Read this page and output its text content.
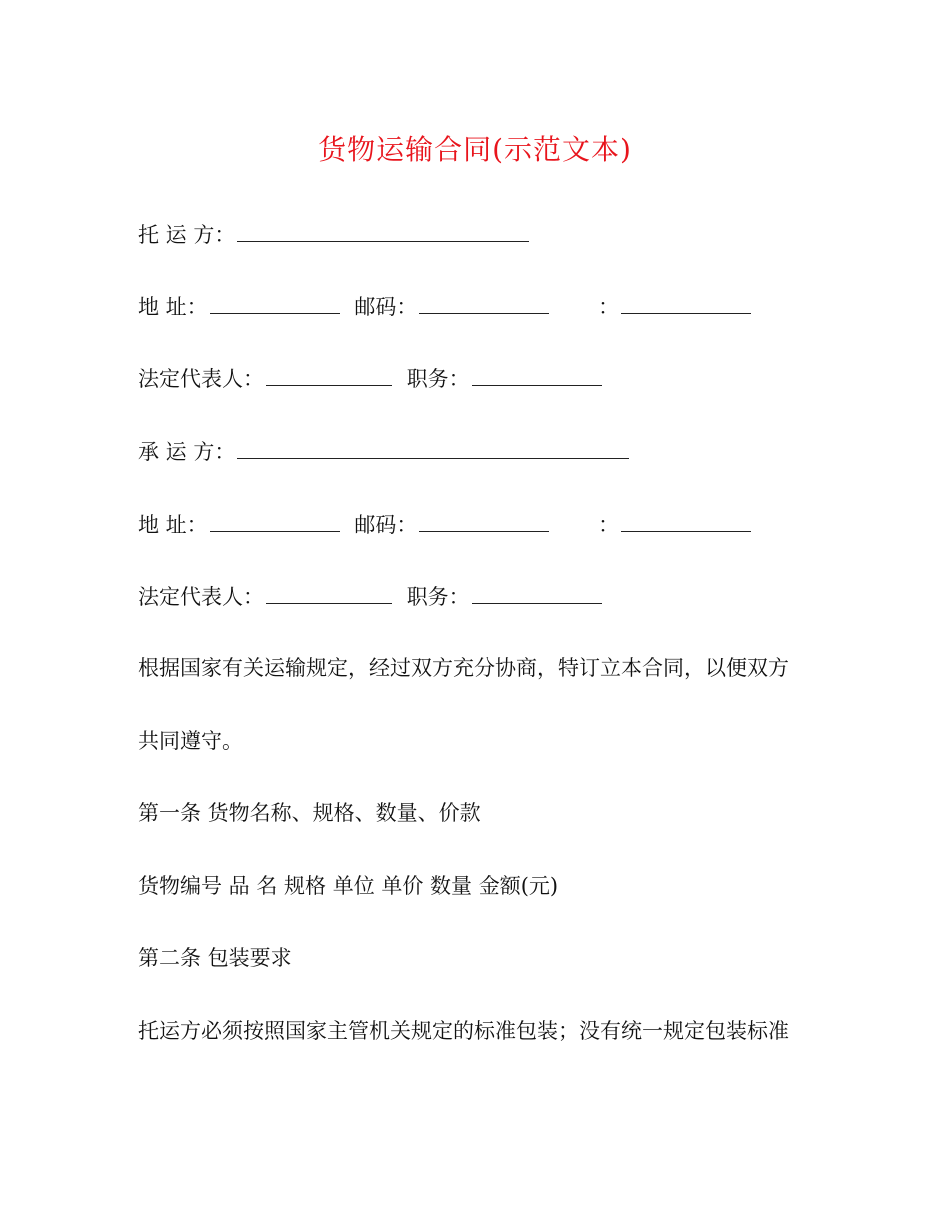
货物运输合同(示范文本)
托 运 方：
地 址：	邮码：	：
法定代表人：	职务：
承 运 方：
地 址：	邮码：	：
法定代表人：	职务：
根据国家有关运输规定，经过双方充分协商，特订立本合同，以便双方
共同遵守。
第一条 货物名称、规格、数量、价款
货物编号 品 名 规格 单位 单价 数量 金额(元)
第二条 包装要求
托运方必须按照国家主管机关规定的标准包装；没有统一规定包装标准
